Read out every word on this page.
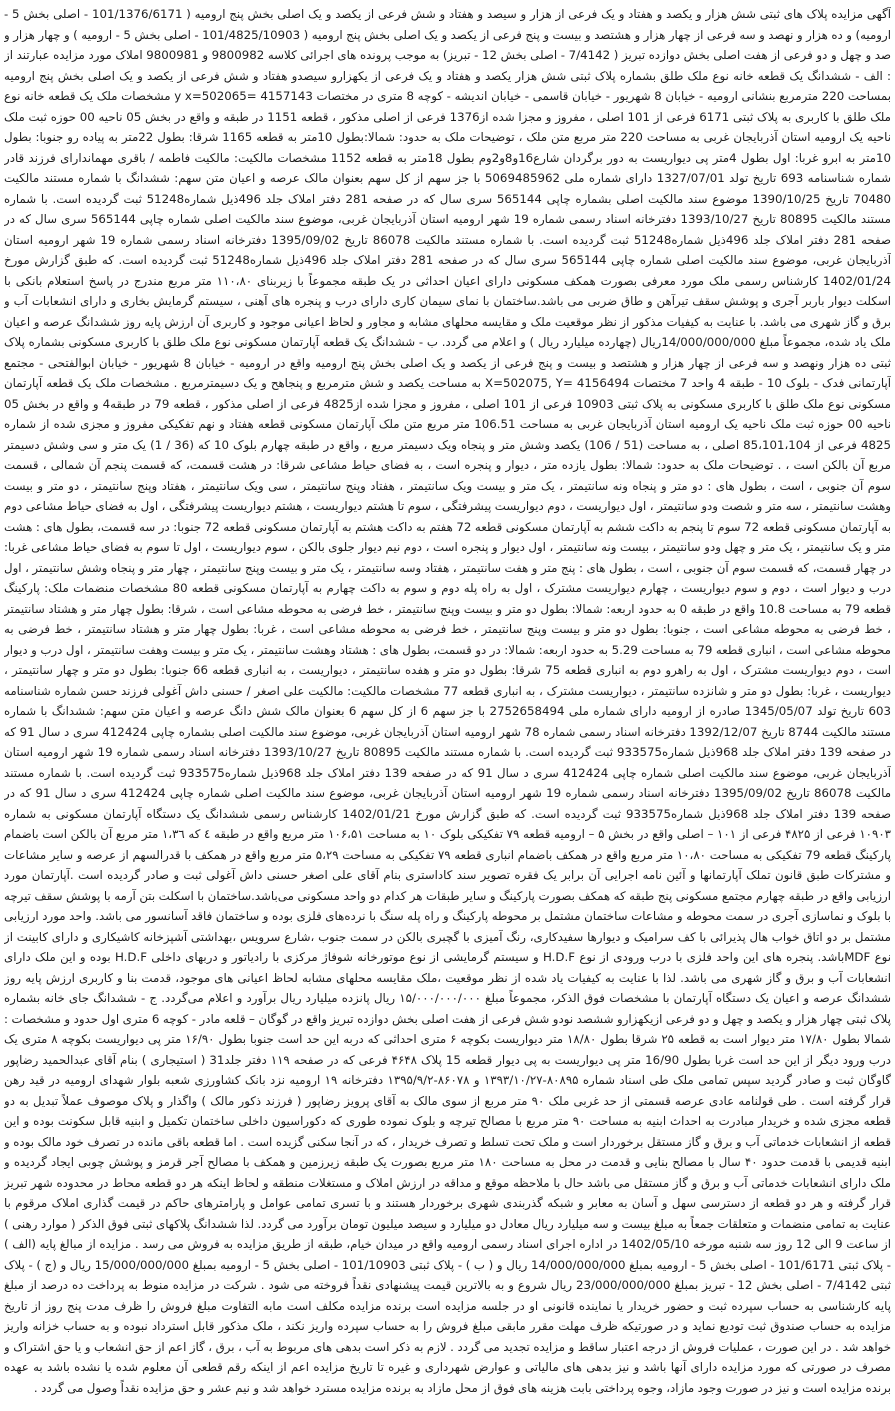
آگهی مزایده پلاک های ثبتی شش هزار و یکصد و هفتاد و یک فرعی از هزار و سیصد و هفتاد و شش فرعی از یکصد و یک اصلی بخش پنج ارومیه ( 101/1376/6171 - اصلی بخش 5 - ارومیه) و ده هزار و نهصد و سه فرعی از چهار هزار و هشتصد و بیست و پنج فرعی از یکصد و یک اصلی بخش پنج ارومیه ( 101/4825/10903 - اصلی بخش 5 - ارومیه ) و چهار هزار و صد و چهل و دو فرعی از هفت اصلی بخش دوازده تبریز ( 7/4142 - اصلی بخش 12 - تبریز) به موجب پرونده های اجرائی کلاسه 9800982 و 9800981 املاک مورد مزایده عبارتند از : الف - ششدانگ یک قطعه خانه نوع ملک طلق بشماره پلاک ثبتی شش هزار یکصد و هفتاد و یک فرعی از یکهزارو سیصدو هفتاد و شش فرعی از یکصد و یک اصلی بخش پنج ارومیه بمساحت 220 مترمربع بنشانی ارومیه - خیابان 8 شهریور - خیابان قاسمی - خیابان اندیشه - کوچه 8 متری در مختصات 4157143 =y x=502065 مشخصات ملک یک قطعه خانه نوع ملک طلق با کاربری به پلاک ثبتی 6171 فرعی از 101 اصلی ، مفروز و مجزا شده از1376 فرعی از اصلی مذکور ، قطعه 1151 در طبقه و واقع در بخش 05 ناحیه 00 حوزه ثبت ملک ناحیه یک ارومیه استان آذربایجان غربی به مساحت 220 متر مربع متن ملک ، توضیحات ملک به حدود: شمالا:بطول 10متر به قطعه 1165 شرقا: بطول 22متر به پیاده رو جنوبا: بطول 10متر به ابرو غربا: اول بطول 4متر پی دیواریست به دور برگردان شارع16و8و2وم بطول 18متر به قطعه 1152 مشخصات مالکیت: مالکیت فاطمه / باقری مهماندارای فرزند قادر شماره شناسنامه 693 تاریخ تولد 1327/07/01 دارای شماره ملی 5069485962 با جز سهم از کل سهم بعنوان مالک عرصه و اعیان متن سهم: ششدانگ با شماره مستند مالکیت 70480 تاریخ 1390/10/25 موضوع سند مالکیت اصلی بشماره چاپی 565144 سری سال که در صفحه 281 دفتر املاک جلد 496ذیل شماره51248 ثبت گردیده است. با شماره مستند مالکیت 80895 تاریخ 1393/10/27 دفترخانه اسناد رسمی شماره 19 شهر ارومیه استان آذربایجان غربی، موضوع سند مالکیت اصلی شماره چاپی 565144 سری سال که در صفحه 281 دفتر املاک جلد 496ذیل شماره51248 ثبت گردیده است. با شماره مستند مالکیت 86078 تاریخ 1395/09/02 دفترخانه اسناد رسمی شماره 19 شهر ارومیه استان آذربایجان غربی، موضوع سند مالکیت اصلی شماره چاپی 565144 سری سال که در صفحه 281 دفتر املاک جلد 496ذیل شماره51248 ثبت گردیده است. که طبق گزارش مورخ 1402/01/24 کارشناس رسمی ملک مورد معرفی بصورت همکف مسکونی دارای اعیان احداثی در یک طبقه مجموعاً با زیربنای ۱۱۰،۸۰ متر مربع مندرج در پاسخ استعلام بانکی با اسکلت دیوار باربر آجری و پوشش سقف تیرآهن و طاق ضربی می باشد.ساختمان با نمای سیمان کاری دارای درب و پنجره های آهنی ، سیستم گرمایش بخاری و دارای انشعابات آب و برق و گاز شهری می باشد. با عنایت به کیفیات مذکور از نظر موقعیت ملک و مقایسه محلهای مشابه و مجاور و لحاظ اعیانی موجود و کاربری آن ارزش پایه روز ششدانگ عرصه و اعیان ملک یاد شده، مجموعاً مبلغ 14/000/000/000ریال (چهارده میلیارد ریال ) و اعلام می گردد. ب - ششدانگ یک قطعه آپارتمان مسکونی نوع ملک طلق با کاربری مسکونی بشماره پلاک ثبتی ده هزار ونهصد و سه فرعی از چهار هزار و هشتصد و بیست و پنج فرعی از یکصد و یک اصلی بخش پنج ارومیه واقع در ارومیه - خیابان 8 شهریور - خیابان ابوالفتحی - مجتمع آپارتمانی فدک - بلوک 10 - طبقه 4 واحد 7 مختصات X=502075, Y= 4156494 به مساحت یکصد و شش مترمربع و پنجاهح و یک دسیمترمربع . مشخصات ملک یک قطعه آپارتمان مسکونی نوع ملک طلق با کاربری مسکونی به پلاک ثبتی 10903 فرعی از 101 اصلی ، مفروز و مجزا شده از4825 فرعی از اصلی مذکور ، قطعه 79 در طبقه4 و واقع در بخش 05 ناحیه 00 حوزه ثبت ملک ناحیه یک ارومیه استان آذربایجان غربی به مساحت 106.51 متر مربع متن ملک آپارتمان مسکونی قطعه هفتاد و نهم تفکیکی مفروز و مجزی شده از شماره 4825 فرعی از 85،101،104 اصلی ، به مساحت (51 / 106) یکصد وشش متر و پنجاه ویک دسیمتر مربع ، واقع در طبقه چهارم بلوک 10 که (36 / 1) یک متر و سی وشش دسیمتر مربع آن بالکن است ، . توضیحات ملک به حدود: شمالا: بطول یازده متر ، دیوار و پنجره است ، به فضای حیاط مشاعی شرقا: در هشت قسمت، که قسمت پنجم آن شمالی ، قسمت سوم آن جنوبی ، است ، بطول های : دو متر و پنجاه ونه سانتیمتر ، یک متر و بیست ویک سانتیمتر ، هفتاد وپنج سانتیمتر ، سی ویک سانتیمتر ، هفتاد وپنج سانتیمتر ، دو متر و بیست وهشت سانتیمتر ، سه متر و شصت ودو سانتیمتر ، اول دیواریست ، دوم دیواریست پیشرفتگی ، سوم تا هشتم دیواریست ، هشتم دیواریست پیشرفتگی ، اول به فضای حیاط مشاعی دوم به آپارتمان مسکونی قطعه 72 سوم تا پنجم به داکت ششم به آپارتمان مسکونی قطعه 72 هفتم به داکت هشتم به آپارتمان مسکونی قطعه 72 جنوبا: در سه قسمت، بطول های : هشت متر و یک سانتیمتر ، یک متر و چهل ودو سانتیمتر ، بیست ونه سانتیمتر ، اول دیوار و پنجره است ، دوم نیم دیوار جلوی بالکن ، سوم دیواریست ، اول تا سوم به فضای حیاط مشاعی غربا: در چهار قسمت، که قسمت سوم آن جنوبی ، است ، بطول های : پنج متر و هفت سانتیمتر ، هفتاد وسه سانتیمتر ، یک متر و بیست وپنج سانتیمتر ، چهار متر و پنجاه وشش سانتیمتر ، اول درب و دیوار است ، دوم و سوم دیواریست ، چهارم دیواریست مشترک ، اول به راه پله دوم و سوم به داکت چهارم به آپارتمان مسکونی قطعه 80 مشخصات منضمات ملک: پارکینگ قطعه 79 به مساحت 10.8 واقع در طبقه 0 به حدود اربعه: شمالا: بطول دو متر و بیست وپنج سانتیمتر ، خط فرضی به محوطه مشاعی است ، شرقا: بطول چهار متر و هشتاد سانتیمتر ، خط فرضی به محوطه مشاعی است ، جنوبا: بطول دو متر و بیست وپنج سانتیمتر ، خط فرضی به محوطه مشاعی است ، غربا: بطول چهار متر و هشتاد سانتیمتر ، خط فرضی به محوطه مشاعی است ، انباری قطعه 79 به مساحت 5.29 به حدود اربعه: شمالا: در دو قسمت، بطول های : هشتاد وهشت سانتیمتر ، یک متر و بیست وهفت سانتیمتر ، اول درب و دیوار است ، دوم دیواریست مشترک ، اول به راهرو دوم به انباری قطعه 75 شرقا: بطول دو متر و هفده سانتیمتر ، دیواریست ، به انباری قطعه 66 جنوبا: بطول دو متر و چهار سانتیمتر ، دیواریست ، غربا: بطول دو متر و شانزده سانتیمتر ، دیواریست مشترک ، به انباری قطعه 77 مشخصات مالکیت: مالکیت علی اصغر / حسنی داش آغولی فرزند حسن شماره شناسنامه 603 تاریخ تولد 1345/05/07 صادره از ارومیه دارای شماره ملی 2752658494 با جز سهم 6 از کل سهم 6 بعنوان مالک شش دانگ عرصه و اعیان متن سهم: ششدانگ با شماره مستند مالکیت 8744 تاریخ 1392/12/07 دفترخانه اسناد رسمی شماره 78 شهر ارومیه استان آذربایجان غربی، موضوع سند مالکیت اصلی بشماره چاپی 412424 سری د سال 91 که در صفحه 139 دفتر املاک جلد 968ذیل شماره933575 ثبت گردیده است. با شماره مستند مالکیت 80895 تاریخ 1393/10/27 دفترخانه اسناد رسمی شماره 19 شهر ارومیه استان آذربایجان غربی، موضوع سند مالکیت اصلی شماره چاپی 412424 سری د سال 91 که در صفحه 139 دفتر املاک جلد 968ذیل شماره933575 ثبت گردیده است. با شماره مستند مالکیت 86078 تاریخ 1395/09/02 دفترخانه اسناد رسمی شماره 19 شهر ارومیه استان آذربایجان غربی، موضوع سند مالکیت اصلی شماره چاپی 412424 سری د سال 91 که در صفحه 139 دفتر املاک جلد 968ذیل شماره933575 ثبت گردیده است. که طبق گزارش مورخ 1402/01/21 کارشناس رسمی ششدانگ یک دستگاه آپارتمان مسکونی به شماره ۱۰۹۰۳ فرعی از ۴۸۲۵ فرعی از ۱۰۱ – اصلی واقع در بخش ۵ – ارومیه قطعه ۷۹ تفکیکی بلوک ۱۰ به مساحت ۱۰۶،۵۱ متر مربع واقع در طبقه ٤ که ۱،۳٦ متر مربع آن بالکن است باضمام پارکینگ قطعه 79 تفکیکی به مساحت ۱۰،۸۰ متر مربع واقع در همکف باضمام انباری قطعه ۷۹ تفکیکی به مساحت ۵،۲۹ متر مربع واقع در همکف با قدرالسهم از عرصه و سایر مشاعات و مشترکات طبق قانون تملک آپارتمانها و آئین نامه اجرایی آن برابر یک فقره تصویر سند کاداستری بنام آقای علی اصغر حسنی داش آغولی ثبت و صادر گردیده است .آپارتمان مورد ارزیابی واقع در طبقه چهارم مجتمع مسکونی پنج طبقه که همکف بصورت پارکینگ و سایر طبقات هر کدام دو واحد مسکونی می‌باشد.ساختمان با اسکلت بتن آرمه با پوشش سقف تیرچه با بلوک و نماسازی آجری در سمت محوطه و مشاعات ساختمان مشتمل بر محوطه پارکینگ و راه پله سنگ با نرده‌های فلزی بوده و ساختمان فاقد آسانسور می باشد. واحد مورد ارزیابی مشتمل بر دو اتاق خواب هال پذیرائی با کف سرامیک و دیوارها سفیدکاری، رنگ آمیزی با گچبری بالکن در سمت جنوب ،شارع سرویس ،بهداشتی آشپزخانه کاشیکاری و دارای کابینت از نوع MDFباشد. پنجره های این واحد فلزی با درب ورودی از نوع H.D.F و سیستم گرمایشی از نوع موتورخانه شوفاژ مرکزی با رادیاتور و دربهای داخلی H.D.F بوده و این ملک دارای انشعابات آب و برق و گاز شهری می باشد. لذا با عنایت به کیفیات یاد شده از نظر موقعیت ،ملک مقایسه محلهای مشابه لحاظ اعیانی های موجود، قدمت بنا و کاربری ارزش پایه روز ششدانگ عرصه و اعیان یک دستگاه آپارتمان با مشخصات فوق الذکر، مجموعاً مبلغ ۱۵/۰۰۰/۰۰۰/۰۰۰ ریال پانزده میلیارد ریال برآورد و اعلام می‌گردد. ج - ششدانگ جای خانه بشماره پلاک ثبتی چهار هزار و یکصد و چهل و دو فرعی ازیکهزارو ششصد نودو شش فرعی از هفت اصلی بخش دوازده تبریز واقع در گوگان – قلعه مادر - کوچه 6 متری اول حدود و مشخصات : شمالا بطول ۱۷/۸۰ متر دیوار است به قطعه ۲۵ شرقا بطول ۱۸/۸۰ متر دیواریست بکوچه ۶ متری احداثی که دربه این حد است جنوبا بطول ۱۶/۹۰ متر پی دیواریست بکوچه ۸ متری یک درب ورود دیگر از این حد است غربا بطول 16/90 متر پی دیواریست به پی دیوار قطعه 15 پلاک ۴۶۴۸ فرعی که در صفحه ۱۱۹ دفتر جلد31 ( استیجاری ) بنام آقای عبدالحمید رضاپور گاوگان ثبت و صادر گردید سپس تمامی ملک طی اسناد شماره ۸۰۸۹۵-۱۳۹۳/۱۰/۲۷ و ۸۶۰۷۸-۱۳۹۵/۹/۲ دفترخانه ۱۹ ارومیه نزد بانک کشاورزی شعبه بلوار شهدای ارومیه در قید رهن قرار گرفته است . طی قولنامه عادی عرصه قسمتی از حد غربی ملک ۹۰ متر مربع از سوی مالک به آقای پرویز رضاپور ( فرزند ذکور مالک ) واگذار و پلاک موصوف عملاً تبدیل به دو قطعه مجزی شده و خریدار مبادرت به احداث ابنیه به مساحت ۹۰ متر مربع با مصالح تیرچه و بلوک نموده طوری که دکوراسیون داخلی ساختمان تکمیل و ابنیه قابل سکونت بوده و این قطعه از انشعابات خدماتی آب و برق و گاز مستقل برخوردار است و ملک تحت تسلط و تصرف خریدار ، که در آنجا سکنی گزیده است . اما قطعه باقی مانده در تصرف خود مالک بوده و ابنیه قدیمی با قدمت حدود ۴۰ سال با مصالح بنایی و قدمت در محل به مساحت ۱۸۰ متر مربع بصورت یک طبقه زیرزمین و همکف با مصالح آجر قرمز و پوشش چوبی ایجاد گردیده و ملک دارای انشعابات خدماتی آب و برق و گاز مستقل می باشد حال با ملاحظه موقع و مداقه در ارزش املاک و مستغلات منطقه و لحاظ اینکه هر دو قطعه محاط در محدوده شهر تبریز قرار گرفته و هر دو قطعه از دسترسی سهل و آسان به معابر و شبکه گذربندی شهری برخوردار هستند و با تسری تمامی عوامل و پارامترهای حاکم در قیمت گذاری املاک مرقوم با عنایت به تمامی منضمات و متعلقات جمعاً به مبلغ بیست و سه میلیارد ریال معادل دو میلیارد و سیصد میلیون تومان برآورد می گردد. لذا ششدانگ پلاکهای ثبتی فوق الذکر ( موارد رهنی ) از ساعت 9 الی 12 روز سه شنبه مورخه 1402/05/10 در اداره اجرای اسناد رسمی ارومیه واقع در میدان خیام، طبقه از طریق مزایده به فروش می رسد . مزایده از مبالغ پایه (الف ) - پلاک ثبتی 101/6171 - اصلی بخش 5 - ارومیه بمبلغ 14/000/000/000 ریال و ( ب ) - پلاک ثبتی 101/10903 - اصلی بخش 5 - ارومیه بمبلغ 15/000/000/000 ریال و (ج ) - پلاک ثبتی 7/4142 - اصلی بخش 12 - تبریز بمبلغ 23/000/000/000 ریال شروع و به بالاترین قیمت پیشنهادی نقداً فروخته می شود . شرکت در مزایده منوط به پرداخت ده درصد از مبلغ پایه کارشناسی به حساب سپرده ثبت و حضور خریدار یا نماینده قانونی او در جلسه مزایده است برنده مزایده مکلف است مابه التفاوت مبلغ فروش را ظرف مدت پنج روز از تاریخ مزایده به حساب صندوق ثبت تودیع نماید و در صورتیکه ظرف مهلت مقرر مابقی مبلغ فروش را به حساب سپرده واریز نکند ، ملک مذکور قابل استرداد نبوده و به حساب خزانه واریز خواهد شد . در این صورت ، عملیات فروش از درجه اعتبار ساقط و مزایده تجدید می گردد . لازم به ذکر است بدهی های مربوط به آب ، برق ، گاز اعم از حق انشعاب و یا حق اشتراک و مصرف در صورتی که مورد مزایده دارای آنها باشد و نیز بدهی های مالیاتی و عوارض شهرداری و غیره تا تاریخ مزایده اعم از اینکه رقم قطعی آن معلوم شده یا نشده باشد به عهده برنده مزایده است و نیز در صورت وجود مازاد، وجوه پرداختی بابت هزینه های فوق از محل مازاد به برنده مزایده مسترد خواهد شد و نیم عشر و حق مزایده نقداً وصول می گردد .
